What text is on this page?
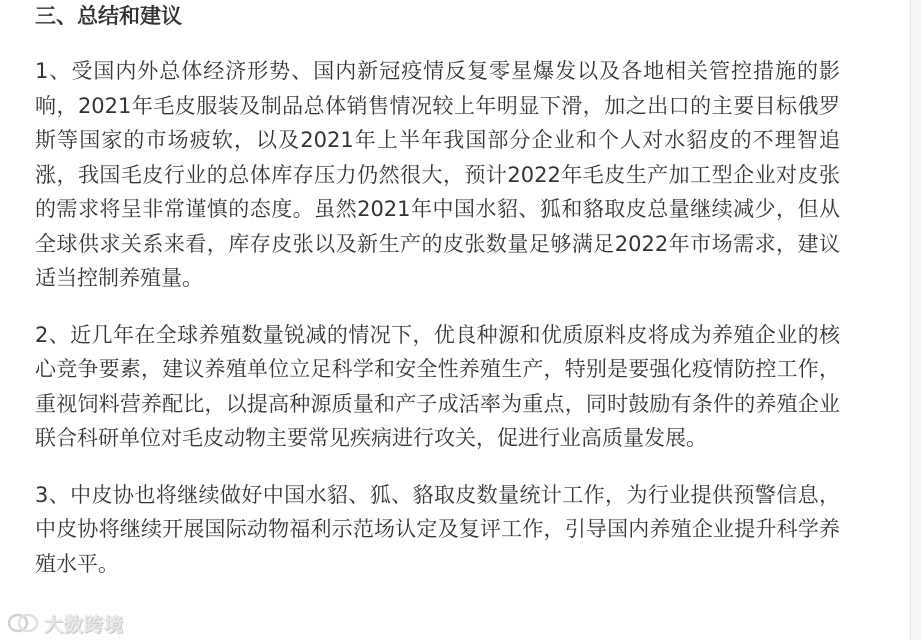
三、总结和建议

1、受国内外总体经济形势、国内新冠疫情反复零星爆发以及各地相关管控措施的影响，2021年毛皮服装及制品总体销售情况较上年明显下滑，加之出口的主要目标俄罗斯等国家的市场疲软，以及2021年上半年我国部分企业和个人对水貂皮的不理智追涨，我国毛皮行业的总体库存压力仍然很大，预计2022年毛皮生产加工型企业对皮张的需求将呈非常谨慎的态度。虽然2021年中国水貂、狐和貉取皮总量继续减少，但从全球供求关系来看，库存皮张以及新生产的皮张数量足够满足2022年市场需求，建议适当控制养殖量。

2、近几年在全球养殖数量锐减的情况下，优良种源和优质原料皮将成为养殖企业的核心竞争要素，建议养殖单位立足科学和安全性养殖生产，特别是要强化疫情防控工作，重视饲料营养配比，以提高种源质量和产子成活率为重点，同时鼓励有条件的养殖企业联合科研单位对毛皮动物主要常见疾病进行攻关，促进行业高质量发展。

3、中皮协也将继续做好中国水貂、狐、貉取皮数量统计工作，为行业提供预警信息，中皮协将继续开展国际动物福利示范场认定及复评工作，引导国内养殖企业提升科学养殖水平。

大数跨境
